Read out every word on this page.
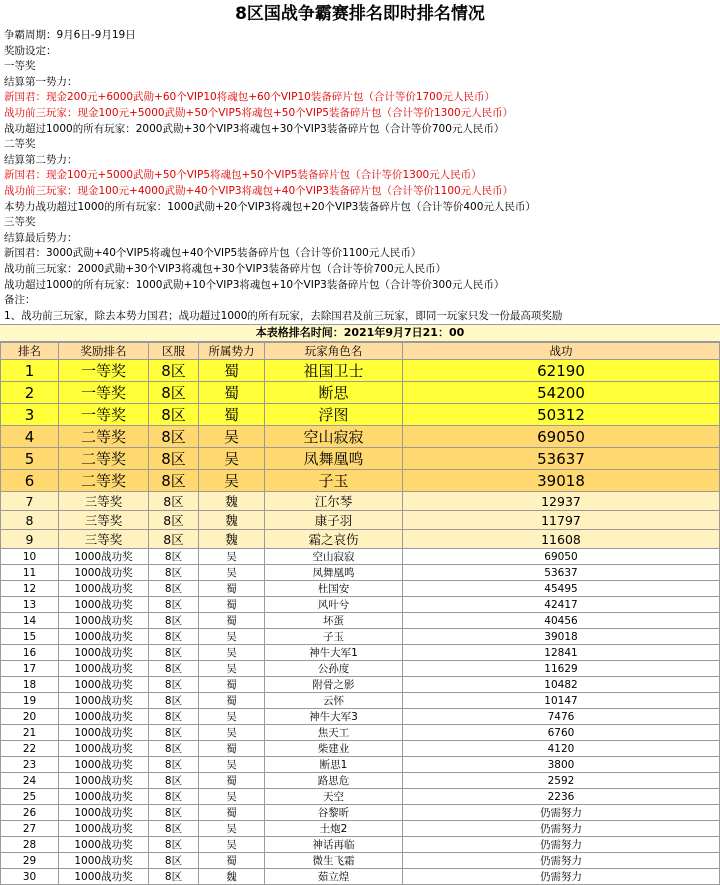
8区国战争霸赛排名即时排名情况
争霸周期：9月6日-9月19日
奖励设定：
一等奖
结算第一势力：
新国君：现金200元+6000武勋+60个VIP10将魂包+60个VIP10装备碎片包（合计等价1700元人民币）
战功前三玩家：现金100元+5000武勋+50个VIP5将魂包+50个VIP5装备碎片包（合计等价1300元人民币）
战功超过1000的所有玩家：2000武勋+30个VIP3将魂包+30个VIP3装备碎片包（合计等价700元人民币）
二等奖
结算第二势力：
新国君：现金100元+5000武勋+50个VIP5将魂包+50个VIP5装备碎片包（合计等价1300元人民币）
战功前三玩家：现金100元+4000武勋+40个VIP3将魂包+40个VIP3装备碎片包（合计等价1100元人民币）
本势力战功超过1000的所有玩家：1000武勋+20个VIP3将魂包+20个VIP3装备碎片包（合计等价400元人民币）
三等奖
结算最后势力：
新国君：3000武勋+40个VIP5将魂包+40个VIP5装备碎片包（合计等价1100元人民币）
战功前三玩家：2000武勋+30个VIP3将魂包+30个VIP3装备碎片包（合计等价700元人民币）
战功超过1000的所有玩家：1000武勋+10个VIP3将魂包+10个VIP3装备碎片包（合计等价300元人民币）
备注：
1、战功前三玩家，除去本势力国君；战功超过1000的所有玩家，去除国君及前三玩家，即同一玩家只发一份最高项奖励
本表格排名时间：2021年9月7日21：00
排名	奖励排名	区服	所属势力	玩家角色名	战功
1	一等奖	8区	蜀	祖国卫士	62190
2	一等奖	8区	蜀	断思	54200
3	一等奖	8区	蜀	浮图	50312
4	二等奖	8区	吴	空山寂寂	69050
5	二等奖	8区	吴	凤舞凰鸣	53637
6	二等奖	8区	吴	子玉	39018
7	三等奖	8区	魏	江尔琴	12937
8	三等奖	8区	魏	康子羽	11797
9	三等奖	8区	魏	霜之哀伤	11608
10	1000战功奖	8区	吴	空山寂寂	69050
11	1000战功奖	8区	吴	凤舞凰鸣	53637
12	1000战功奖	8区	蜀	杜国安	45495
13	1000战功奖	8区	蜀	风叶兮	42417
14	1000战功奖	8区	蜀	坏蛋	40456
15	1000战功奖	8区	吴	子玉	39018
16	1000战功奖	8区	吴	神牛大军1	12841
17	1000战功奖	8区	吴	公孙度	11629
18	1000战功奖	8区	蜀	附骨之影	10482
19	1000战功奖	8区	蜀	云怀	10147
20	1000战功奖	8区	吴	神牛大军3	7476
21	1000战功奖	8区	吴	焦天工	6760
22	1000战功奖	8区	蜀	柴建业	4120
23	1000战功奖	8区	吴	断思1	3800
24	1000战功奖	8区	蜀	路思危	2592
25	1000战功奖	8区	吴	天空	2236
26	1000战功奖	8区	蜀	谷黎昕	仍需努力
27	1000战功奖	8区	吴	土炮2	仍需努力
28	1000战功奖	8区	吴	神话再临	仍需努力
29	1000战功奖	8区	蜀	微生飞霜	仍需努力
30	1000战功奖	8区	魏	茹立煌	仍需努力
